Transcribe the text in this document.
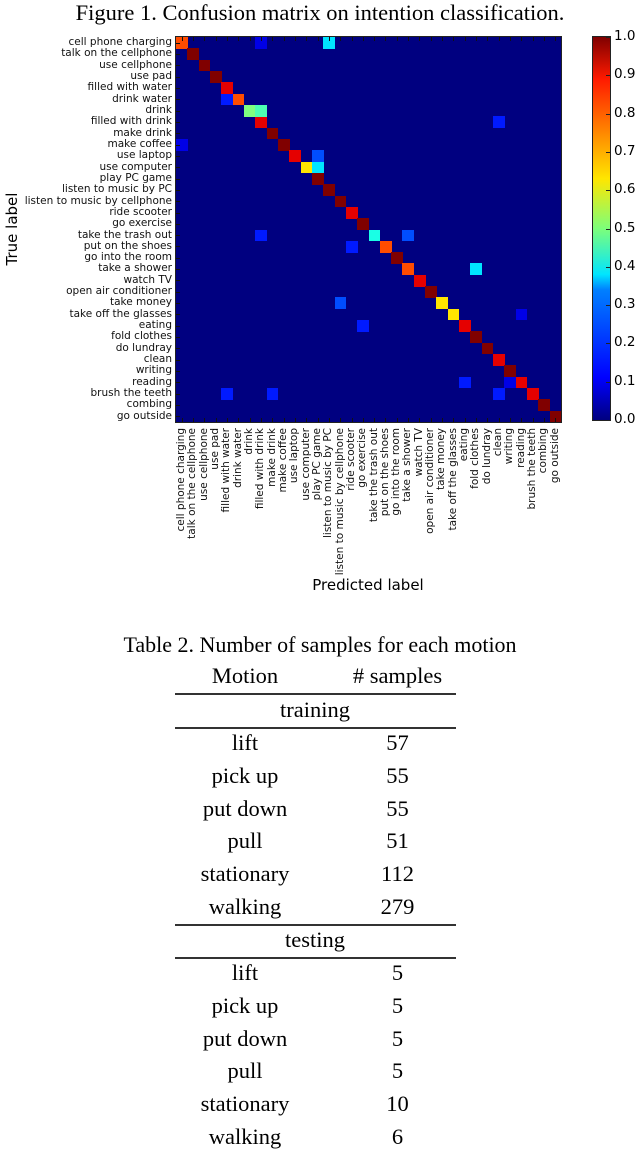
Figure 1. Confusion matrix on intention classification.
cell phone charging
talk on the cellphone
use cellphone
use pad
filled with water
drink water
drink
filled with drink
make drink
make coffee
use laptop
use computer
play PC game
listen to music by PC
listen to music by cellphone
ride scooter
go exercise
take the trash out
put on the shoes
go into the room
take a shower
watch TV
open air conditioner
take money
take off the glasses
eating
fold clothes
do lundray
clean
writing
reading
brush the teeth
combing
go outside
True label
cell phone charging talk on the cellphone use cellphone use pad filled with water drink water drink filled with drink make drink make coffee use laptop use computer play PC game listen to music by PC listen to music by cellphone ride scooter go exercise take the trash out put on the shoes go into the room take a shower watch TV open air conditioner take money take off the glasses eating fold clothes do lundray clean writing reading brush the teeth combing go outside
Predicted label
1.0
0.9
0.8
0.7
0.6
0.5
0.4
0.3
0.2
0.1
0.0
Table 2. Number of samples for each motion
Motion	# samples
training
lift	57
pick up	55
put down	55
pull	51
stationary	112
walking	279
testing
lift	5
pick up	5
put down	5
pull	5
stationary	10
walking	6
